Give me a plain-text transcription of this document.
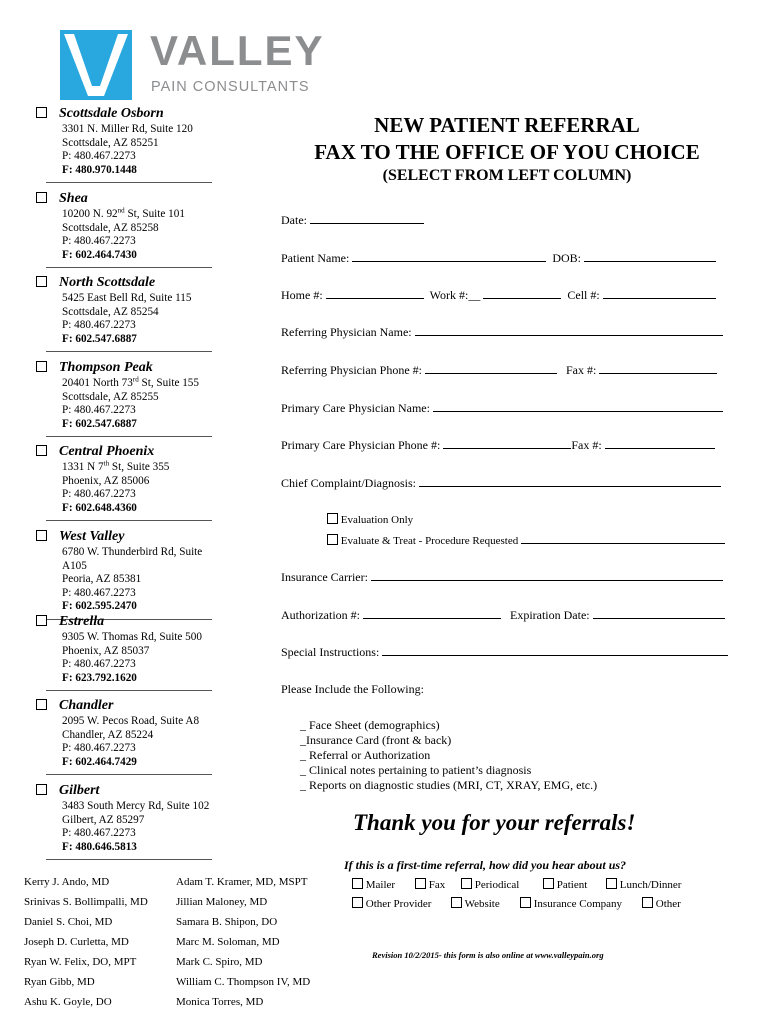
VALLEY
PAIN CONSULTANTS
Scottsdale Osborn
3301 N. Miller Rd, Suite 120
Scottsdale, AZ 85251
P: 480.467.2273
F: 480.970.1448
Shea
10200 N. 92nd St, Suite 101
Scottsdale, AZ 85258
P: 480.467.2273
F: 602.464.7430
North Scottsdale
5425 East Bell Rd, Suite 115
Scottsdale, AZ 85254
P: 480.467.2273
F: 602.547.6887
Thompson Peak
20401 North 73rd St, Suite 155
Scottsdale, AZ 85255
P: 480.467.2273
F: 602.547.6887
Central Phoenix
1331 N 7th St, Suite 355
Phoenix, AZ 85006
P: 480.467.2273
F: 602.648.4360
West Valley
6780 W. Thunderbird Rd, Suite A105
Peoria, AZ 85381
P: 480.467.2273
F: 602.595.2470
Estrella
9305 W. Thomas Rd, Suite 500
Phoenix, AZ 85037
P: 480.467.2273
F: 623.792.1620
Chandler
2095 W. Pecos Road, Suite A8
Chandler, AZ 85224
P: 480.467.2273
F: 602.464.7429
Gilbert
3483 South Mercy Rd, Suite 102
Gilbert, AZ 85297
P: 480.467.2273
F: 480.646.5813
NEW PATIENT REFERRAL
FAX TO THE OFFICE OF YOU CHOICE
(SELECT FROM LEFT COLUMN)
Date:
Patient Name:	DOB:
Home #:	Work #:__	Cell #:
Referring Physician Name:
Referring Physician Phone #:	Fax #:
Primary Care Physician Name:
Primary Care Physician Phone #:	Fax #:
Chief Complaint/Diagnosis:
Evaluation Only
Evaluate & Treat - Procedure Requested
Insurance Carrier:
Authorization #:	Expiration Date:
Special Instructions:
Please Include the Following:
_ Face Sheet (demographics)
_Insurance Card (front & back)
_ Referral or Authorization
_ Clinical notes pertaining to patient’s diagnosis
_ Reports on diagnostic studies (MRI, CT, XRAY, EMG, etc.)
Thank you for your referrals!
If this is a first-time referral, how did you hear about us?
Mailer	Fax	Periodical	Patient	Lunch/Dinner
Other Provider	Website	Insurance Company	Other
Revision 10/2/2015- this form is also online at www.valleypain.org
Kerry J. Ando, MD
Srinivas S. Bollimpalli, MD
Daniel S. Choi, MD
Joseph D. Curletta, MD
Ryan W. Felix, DO, MPT
Ryan Gibb, MD
Ashu K. Goyle, DO
Adam T. Kramer, MD, MSPT
Jillian Maloney, MD
Samara B. Shipon, DO
Marc M. Soloman, MD
Mark C. Spiro, MD
William C. Thompson IV, MD
Monica Torres, MD
